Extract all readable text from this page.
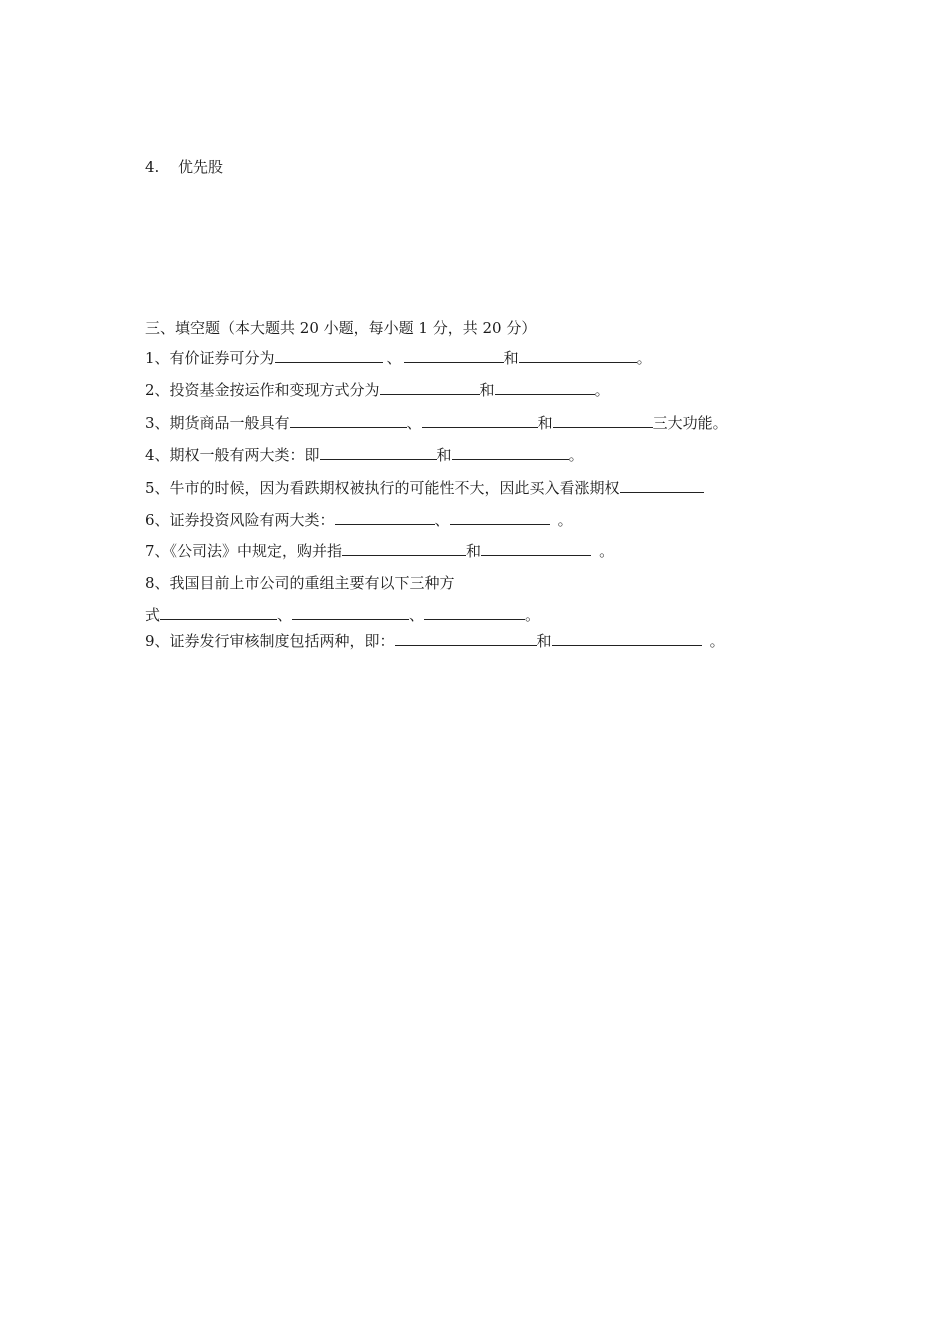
4. 优先股
三、填空题（本大题共 20 小题，每小题 1 分，共 20 分）
1、有价证券可分为	、	和	。
2、投资基金按运作和变现方式分为	和	。
3、期货商品一般具有	、	和	三大功能。
4、期权一般有两大类：即	和	。
5、牛市的时候，因为看跌期权被执行的可能性不大，因此买入看涨期权
6、证券投资风险有两大类：	、	。
7、《公司法》中规定，购并指	和	。
8、我国目前上市公司的重组主要有以下三种方
式	、	、	。
9、证券发行审核制度包括两种，即：	和	。
